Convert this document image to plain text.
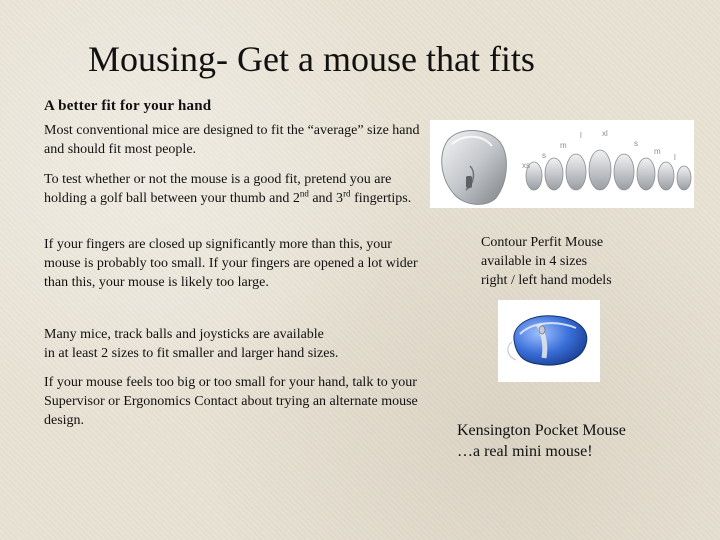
Mousing- Get a mouse that fits
A better fit for your hand

Most conventional mice are designed to fit the “average” size hand and should fit most people.

To test whether or not the mouse is a good fit, pretend you are holding a golf ball between your thumb and 2nd and 3rd fingertips.

If your fingers are closed up significantly more than this, your mouse is probably too small. If your fingers are opened a lot wider than this, your mouse is likely too large.

Many mice, track balls and joysticks are available
in at least 2 sizes to fit smaller and larger hand sizes.

If your mouse feels too big or too small for your hand, talk to your Supervisor or Ergonomics Contact about trying an alternate mouse design.

xs
s
m
l	xl
s
m
l
Contour Perfit Mouse
available in 4 sizes
right / left hand models
Kensington Pocket Mouse
…a real mini mouse!
